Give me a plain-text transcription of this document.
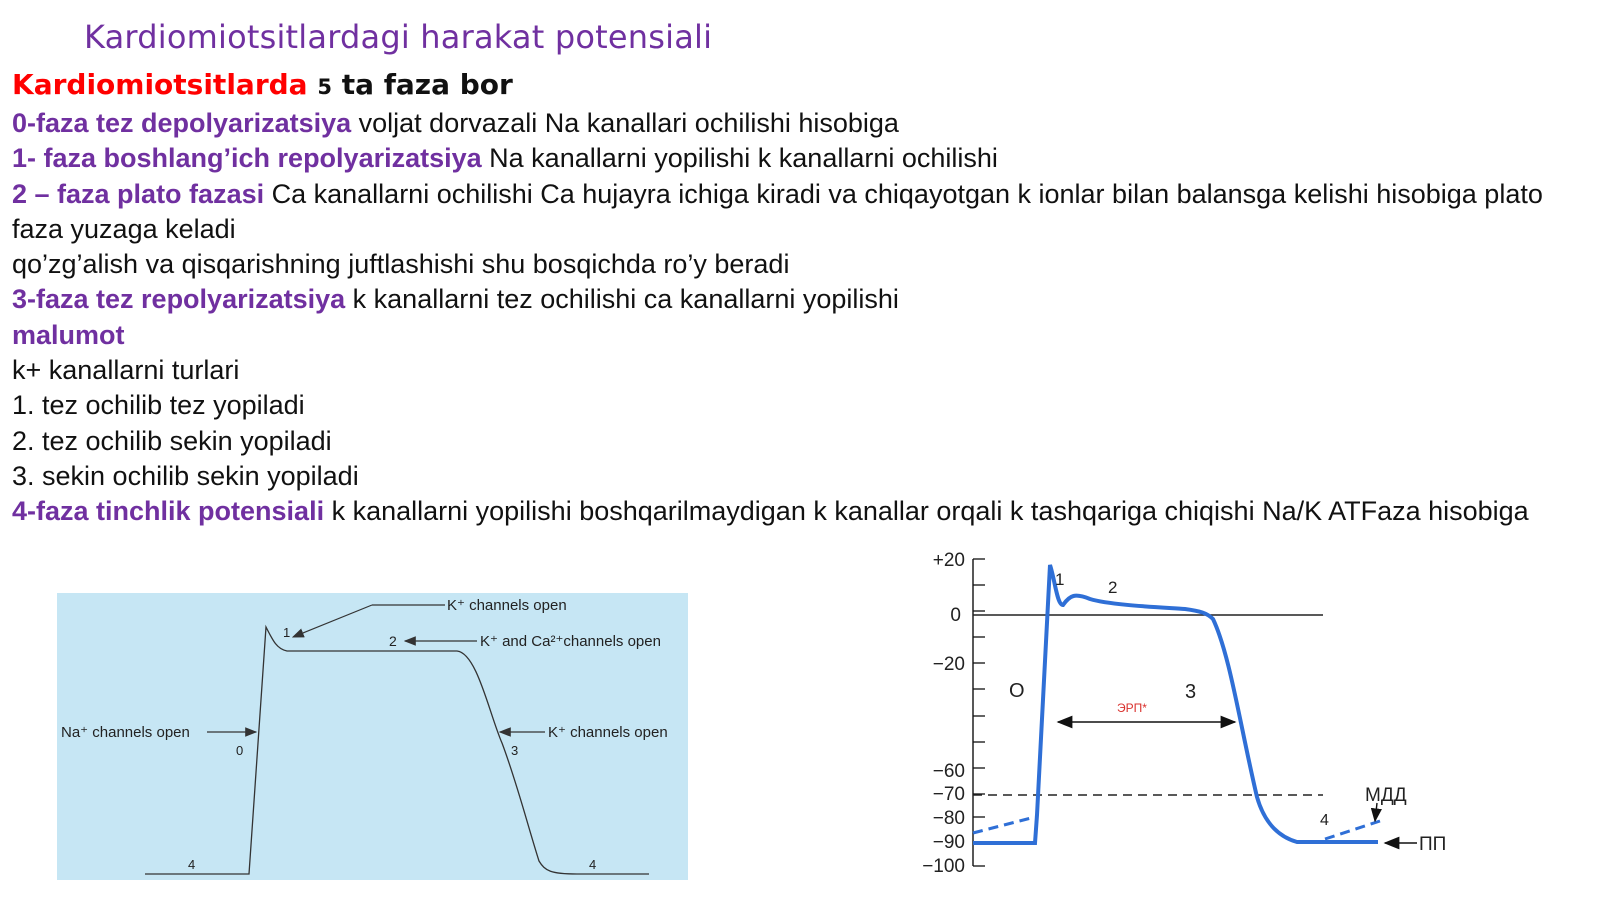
Kardiomiotsitlardagi harakat potensiali
Kardiomiotsitlarda 5 ta faza bor

0-faza tez depolyarizatsiya voljat dorvazali Na kanallari ochilishi hisobiga

1- faza boshlang’ich repolyarizatsiya Na kanallarni yopilishi k kanallarni ochilishi

2 – faza plato fazasi Ca kanallarni ochilishi Ca hujayra ichiga kiradi va chiqayotgan k ionlar bilan balansga kelishi hisobiga plato faza yuzaga keladi

qo’zg’alish va qisqarishning juftlashishi shu bosqichda ro’y beradi

3-faza tez repolyarizatsiya k kanallarni tez ochilishi ca kanallarni yopilishi

malumot

k+ kanallarni turlari

1. tez ochilib tez yopiladi

2. tez ochilib sekin yopiladi

3. sekin ochilib sekin yopiladi

4-faza tinchlik potensiali k kanallarni yopilishi boshqarilmaydigan k kanallar orqali k tashqariga chiqishi Na/K ATFaza hisobiga

K⁺ channels open
1
2	K⁺ and Ca²⁺channels open
Na⁺ channels open
0
K⁺ channels open
3
4	4
+20
0
−20
−60
−70
−80
−90
−100
ЭРП*
O
1	2
3
4
МДД
ПП
